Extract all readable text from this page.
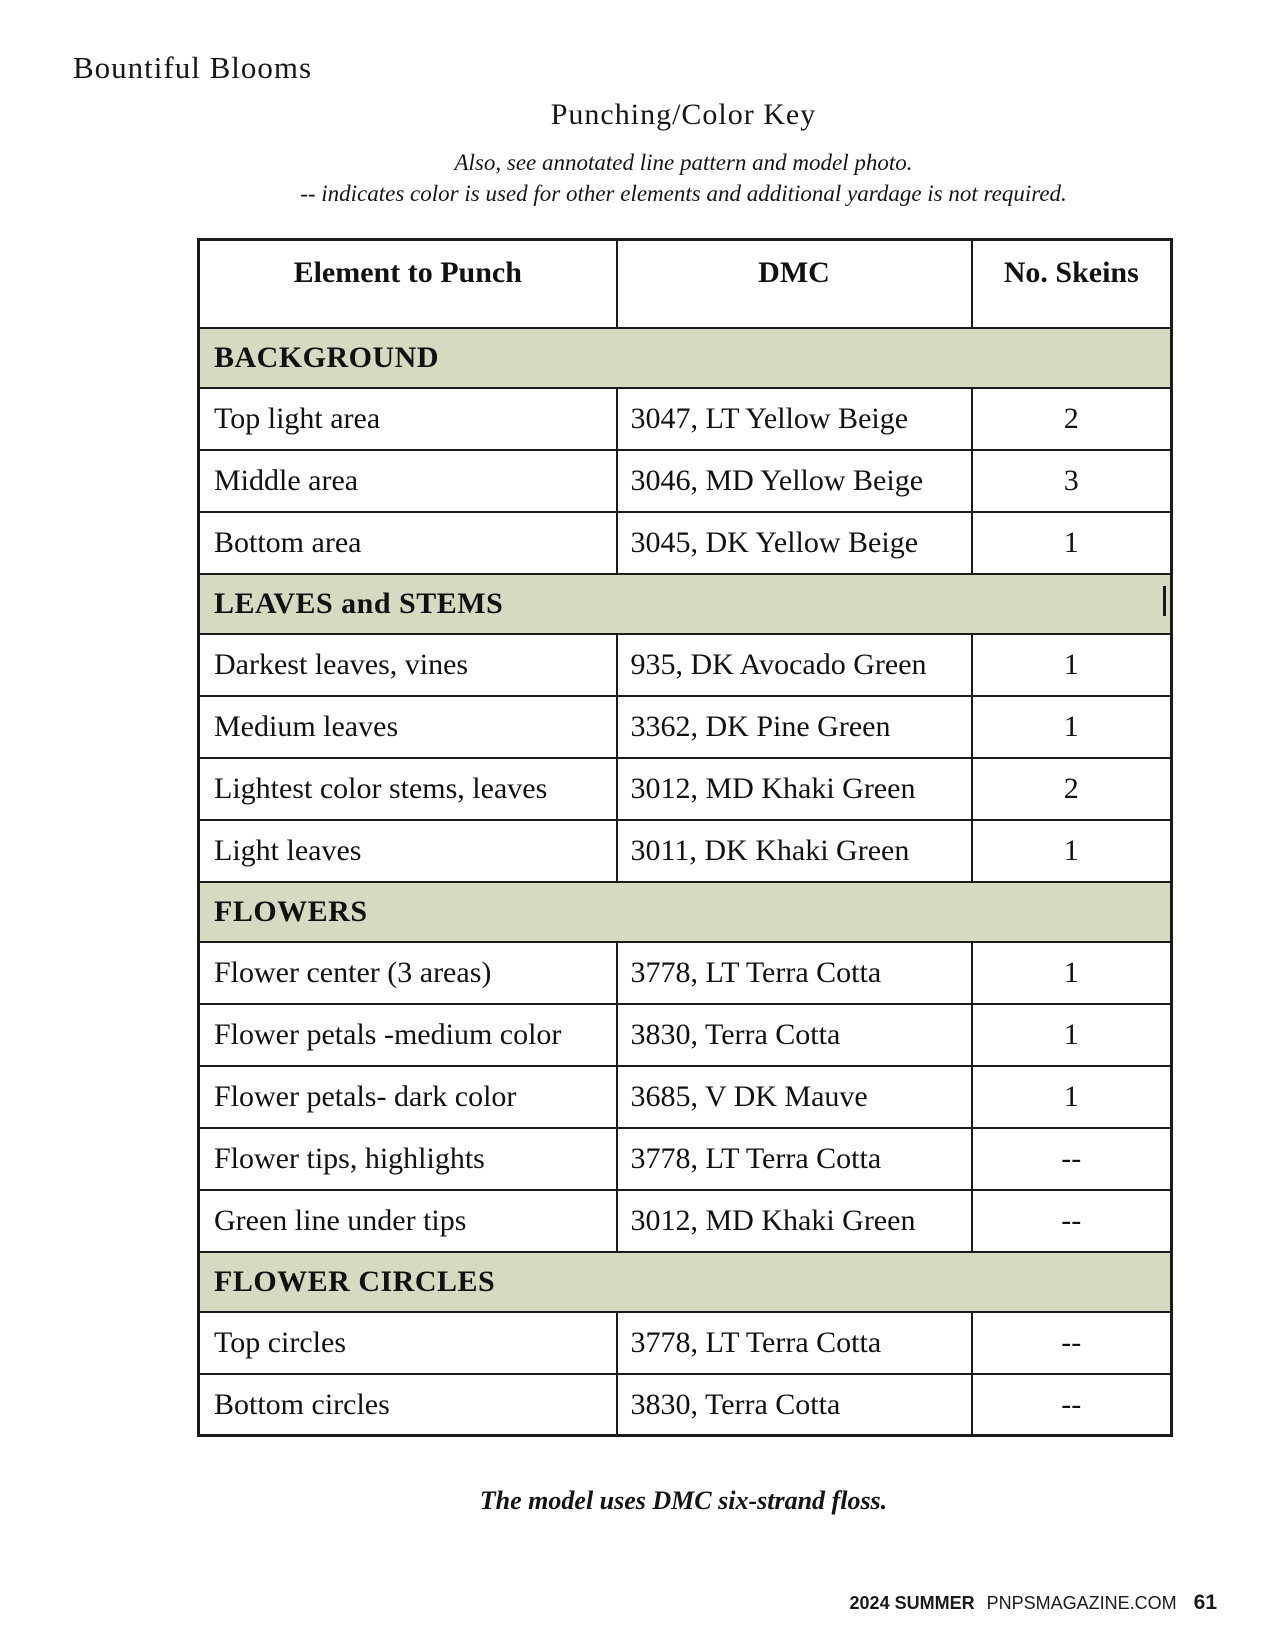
Bountiful Blooms
Punching/Color Key
Also, see annotated line pattern and model photo.
-- indicates color is used for other elements and additional yardage is not required.
Element to Punch	DMC	No. Skeins
BACKGROUND		
Top light area	3047, LT Yellow Beige	2
Middle area	3046, MD Yellow Beige	3
Bottom area	3045, DK Yellow Beige	1
LEAVES and STEMS		
Darkest leaves, vines	935, DK Avocado Green	1
Medium leaves	3362, DK Pine Green	1
Lightest color stems, leaves	3012, MD Khaki Green	2
Light leaves	3011, DK Khaki Green	1
FLOWERS		
Flower center (3 areas)	3778, LT Terra Cotta	1
Flower petals -medium color	3830, Terra Cotta	1
Flower petals- dark color	3685, V DK Mauve	1
Flower tips, highlights	3778, LT Terra Cotta	--
Green line under tips	3012, MD Khaki Green	--
FLOWER CIRCLES		
Top circles	3778, LT Terra Cotta	--
Bottom circles	3830, Terra Cotta	--
The model uses DMC six-strand floss.
2024 SUMMER PNPSMAGAZINE.COM 61
